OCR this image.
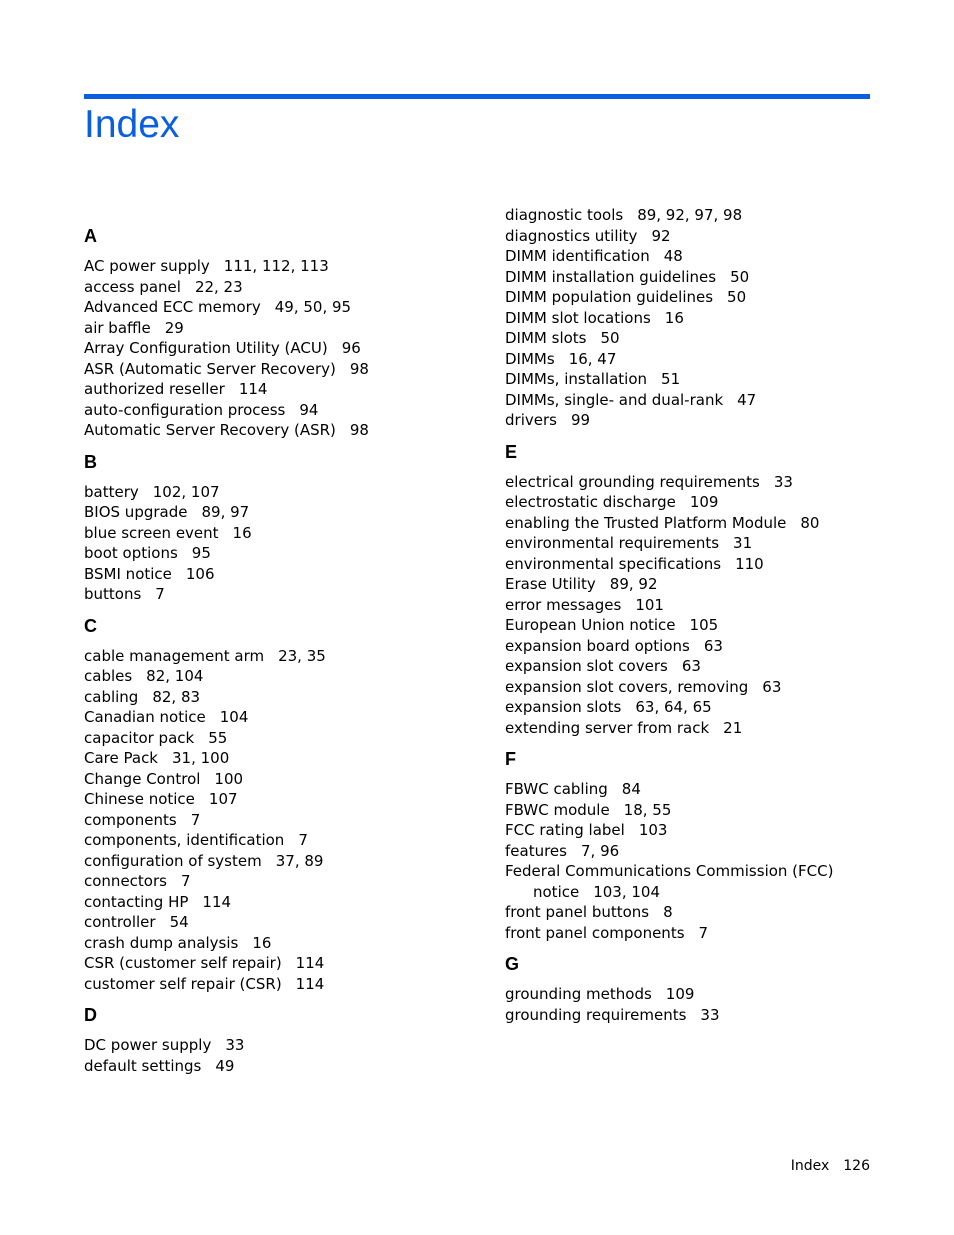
Index
A
AC power supply 111, 112, 113
access panel 22, 23
Advanced ECC memory 49, 50, 95
air baffle 29
Array Configuration Utility (ACU) 96
ASR (Automatic Server Recovery) 98
authorized reseller 114
auto-configuration process 94
Automatic Server Recovery (ASR) 98
B
battery 102, 107
BIOS upgrade 89, 97
blue screen event 16
boot options 95
BSMI notice 106
buttons 7
C
cable management arm 23, 35
cables 82, 104
cabling 82, 83
Canadian notice 104
capacitor pack 55
Care Pack 31, 100
Change Control 100
Chinese notice 107
components 7
components, identification 7
configuration of system 37, 89
connectors 7
contacting HP 114
controller 54
crash dump analysis 16
CSR (customer self repair) 114
customer self repair (CSR) 114
D
DC power supply 33
default settings 49
diagnostic tools 89, 92, 97, 98
diagnostics utility 92
DIMM identification 48
DIMM installation guidelines 50
DIMM population guidelines 50
DIMM slot locations 16
DIMM slots 50
DIMMs 16, 47
DIMMs, installation 51
DIMMs, single- and dual-rank 47
drivers 99
E
electrical grounding requirements 33
electrostatic discharge 109
enabling the Trusted Platform Module 80
environmental requirements 31
environmental specifications 110
Erase Utility 89, 92
error messages 101
European Union notice 105
expansion board options 63
expansion slot covers 63
expansion slot covers, removing 63
expansion slots 63, 64, 65
extending server from rack 21
F
FBWC cabling 84
FBWC module 18, 55
FCC rating label 103
features 7, 96
Federal Communications Commission (FCC)
notice 103, 104
front panel buttons 8
front panel components 7
G
grounding methods 109
grounding requirements 33
Index 126
